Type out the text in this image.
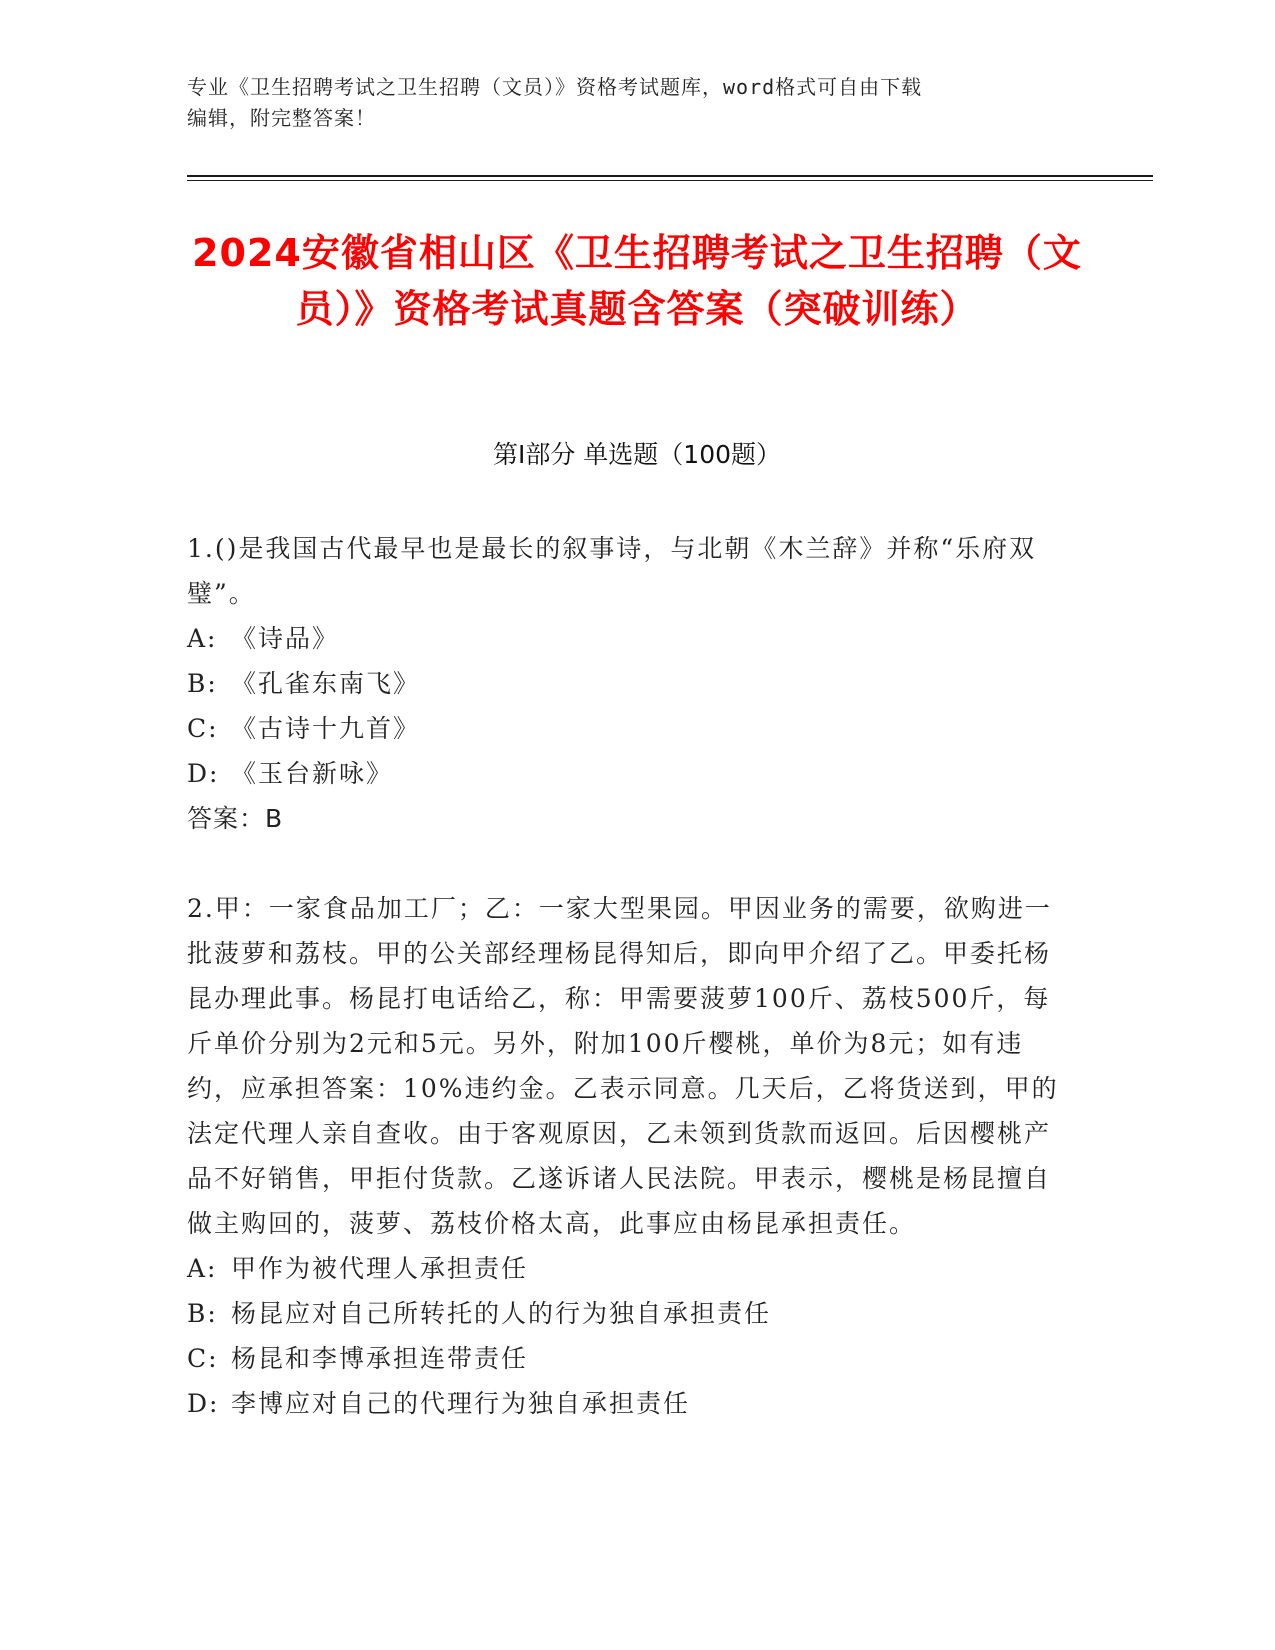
专业《卫生招聘考试之卫生招聘（文员）》资格考试题库，word格式可自由下载
编辑，附完整答案！
2024安徽省相山区《卫生招聘考试之卫生招聘（文员）》资格考试真题含答案（突破训练）
第Ⅰ部分 单选题（100题）

1.()是我国古代最早也是最长的叙事诗，与北朝《木兰辞》并称“乐府双璧”。

A: 《诗品》

B: 《孔雀东南飞》

C: 《古诗十九首》

D: 《玉台新咏》

答案：B

2.甲：一家食品加工厂；乙：一家大型果园。甲因业务的需要，欲购进一批菠萝和荔枝。甲的公关部经理杨昆得知后，即向甲介绍了乙。甲委托杨昆办理此事。杨昆打电话给乙，称：甲需要菠萝100斤、荔枝500斤，每斤单价分别为2元和5元。另外，附加100斤樱桃，单价为8元；如有违约，应承担答案：10%违约金。乙表示同意。几天后，乙将货送到，甲的法定代理人亲自查收。由于客观原因，乙未领到货款而返回。后因樱桃产品不好销售，甲拒付货款。乙遂诉诸人民法院。甲表示，樱桃是杨昆擅自做主购回的，菠萝、荔枝价格太高，此事应由杨昆承担责任。

A: 甲作为被代理人承担责任

B: 杨昆应对自己所转托的人的行为独自承担责任

C: 杨昆和李博承担连带责任

D: 李博应对自己的代理行为独自承担责任
